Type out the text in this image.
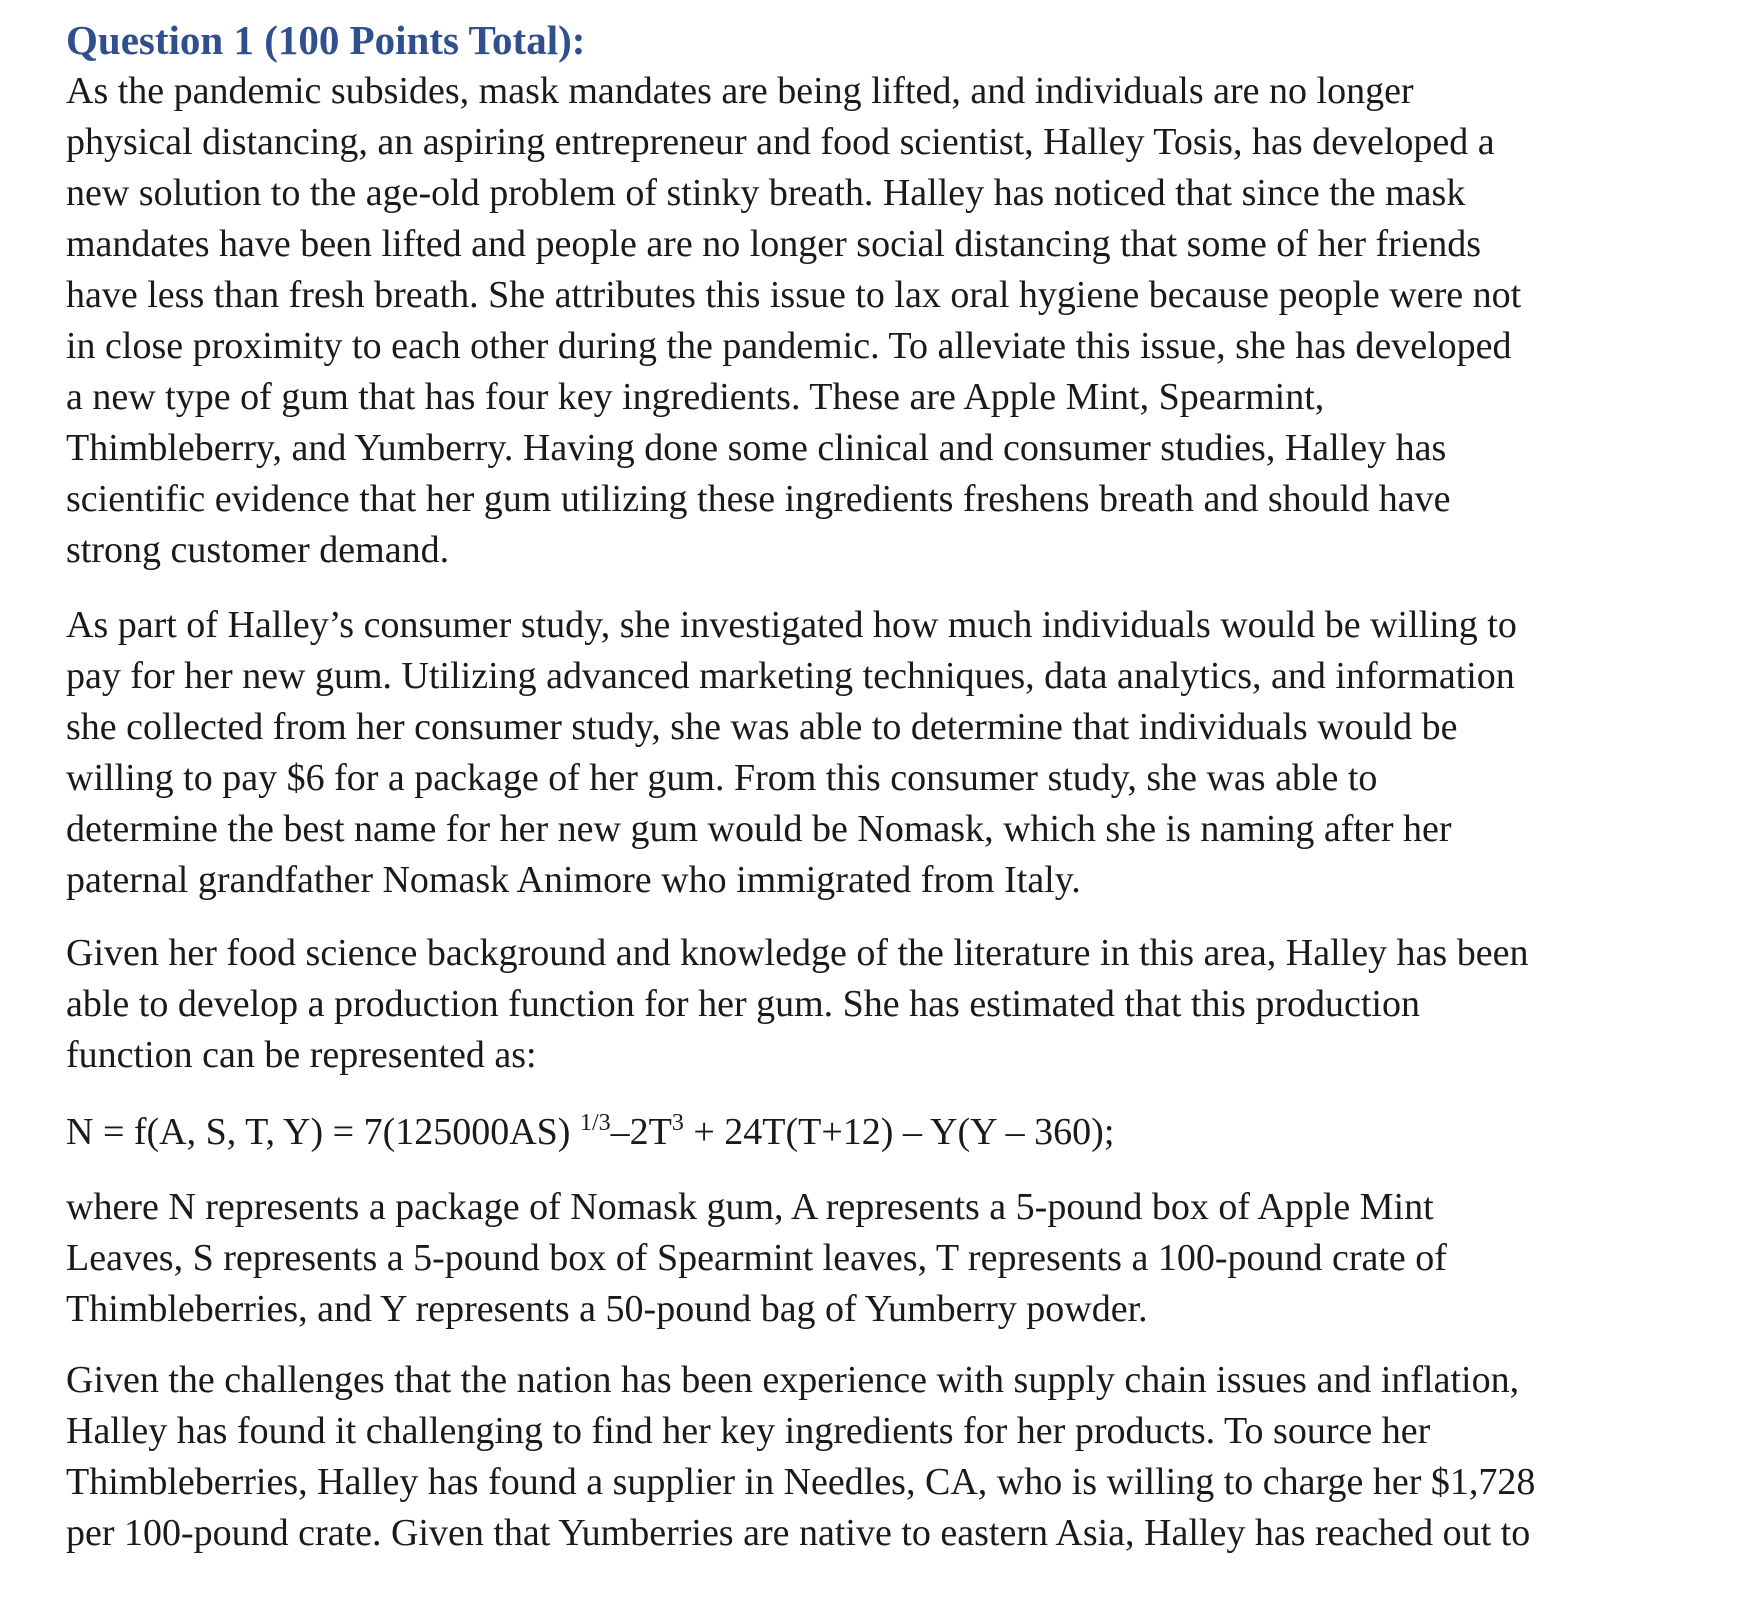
Question 1 (100 Points Total):

As the pandemic subsides, mask mandates are being lifted, and individuals are no longer
physical distancing, an aspiring entrepreneur and food scientist, Halley Tosis, has developed a
new solution to the age-old problem of stinky breath. Halley has noticed that since the mask
mandates have been lifted and people are no longer social distancing that some of her friends
have less than fresh breath. She attributes this issue to lax oral hygiene because people were not
in close proximity to each other during the pandemic. To alleviate this issue, she has developed
a new type of gum that has four key ingredients. These are Apple Mint, Spearmint,
Thimbleberry, and Yumberry. Having done some clinical and consumer studies, Halley has
scientific evidence that her gum utilizing these ingredients freshens breath and should have
strong customer demand.

As part of Halley’s consumer study, she investigated how much individuals would be willing to
pay for her new gum. Utilizing advanced marketing techniques, data analytics, and information
she collected from her consumer study, she was able to determine that individuals would be
willing to pay $6 for a package of her gum. From this consumer study, she was able to
determine the best name for her new gum would be Nomask, which she is naming after her
paternal grandfather Nomask Animore who immigrated from Italy.

Given her food science background and knowledge of the literature in this area, Halley has been
able to develop a production function for her gum. She has estimated that this production
function can be represented as:

N = f(A, S, T, Y) = 7(125000AS) $^{1/3}-2T^3 + 24T(T+12) - Y(Y - 360)$;

where N represents a package of Nomask gum, A represents a 5-pound box of Apple Mint
Leaves, S represents a 5-pound box of Spearmint leaves, T represents a 100-pound crate of
Thimbleberries, and Y represents a 50-pound bag of Yumberry powder.

Given the challenges that the nation has been experience with supply chain issues and inflation,
Halley has found it challenging to find her key ingredients for her products. To source her
Thimbleberries, Halley has found a supplier in Needles, CA, who is willing to charge her $1,728
per 100-pound crate. Given that Yumberries are native to eastern Asia, Halley has reached out to
